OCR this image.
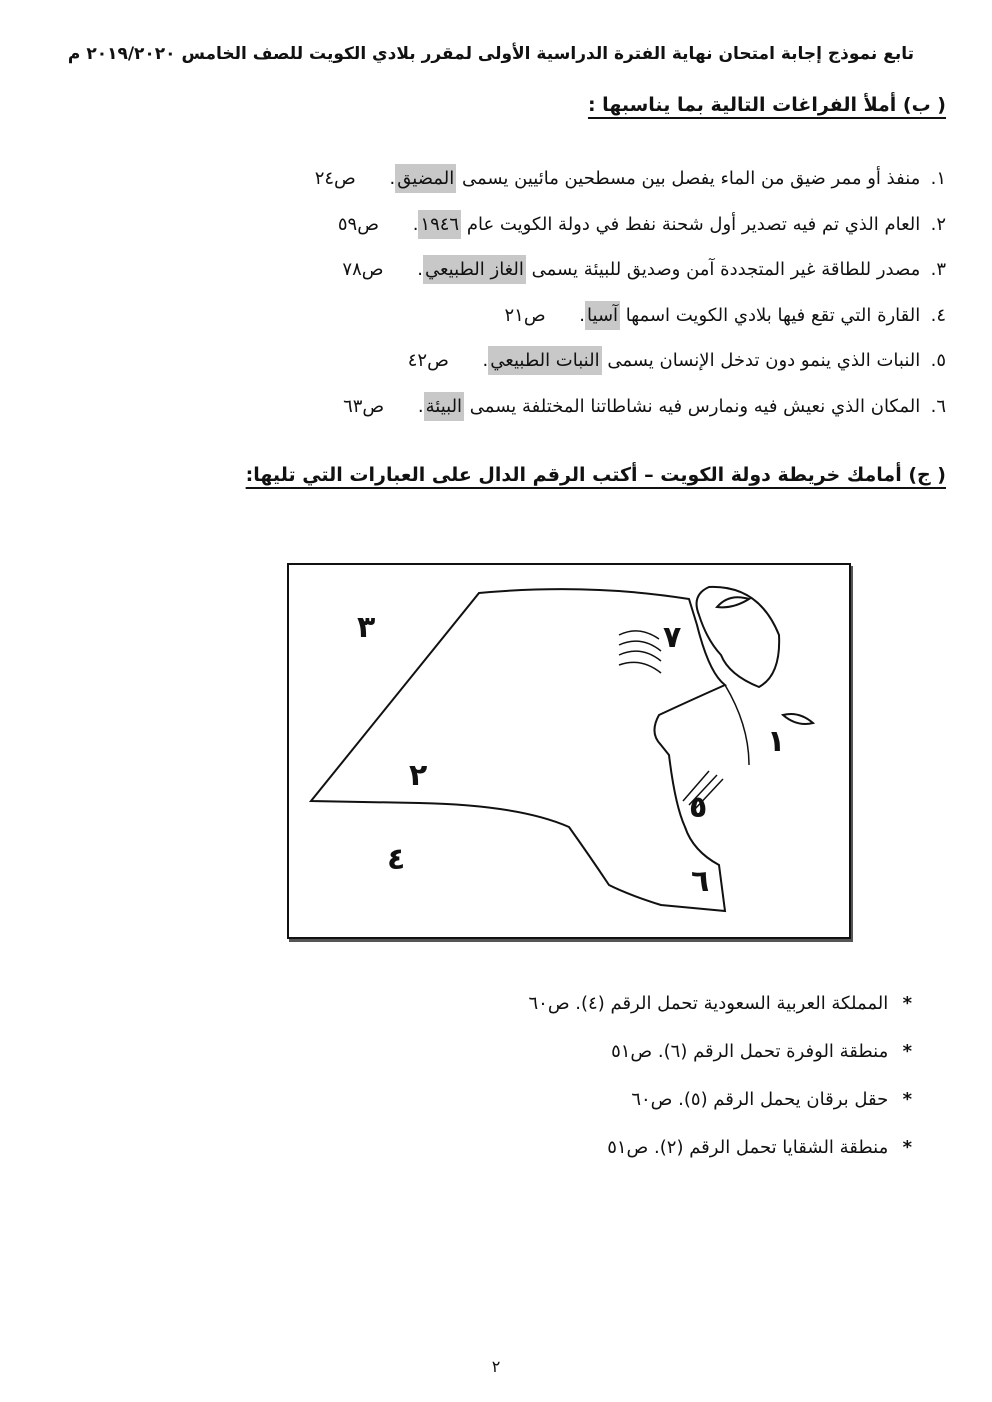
تابع نموذج إجابة امتحان نهاية الفترة الدراسية الأولى لمقرر بلادي الكويت للصف الخامس ٢٠١٩/٢٠٢٠ م
( ب) أملأ الفراغات التالية بما يناسبها :
١. منفذ أو ممر ضيق من الماء يفصل بين مسطحين مائيين يسمى المضيق. ص٢٤
٢. العام الذي تم فيه تصدير أول شحنة نفط في دولة الكويت عام ١٩٤٦. ص٥٩
٣. مصدر للطاقة غير المتجددة آمن وصديق للبيئة يسمى الغاز الطبيعي. ص٧٨
٤. القارة التي تقع فيها بلادي الكويت اسمها آسيا. ص٢١
٥. النبات الذي ينمو دون تدخل الإنسان يسمى النبات الطبيعي. ص٤٢
٦. المكان الذي نعيش فيه ونمارس فيه نشاطاتنا المختلفة يسمى البيئة. ص٦٣
( ج) أمامك خريطة دولة الكويت – أكتب الرقم الدال على العبارات التي تليها:
١
٢
٣
٤
٥
٦
٧
* المملكة العربية السعودية تحمل الرقم (٤). ص٦٠
* منطقة الوفرة تحمل الرقم (٦). ص٥١
* حقل برقان يحمل الرقم (٥). ص٦٠
* منطقة الشقايا تحمل الرقم (٢). ص٥١
٢
